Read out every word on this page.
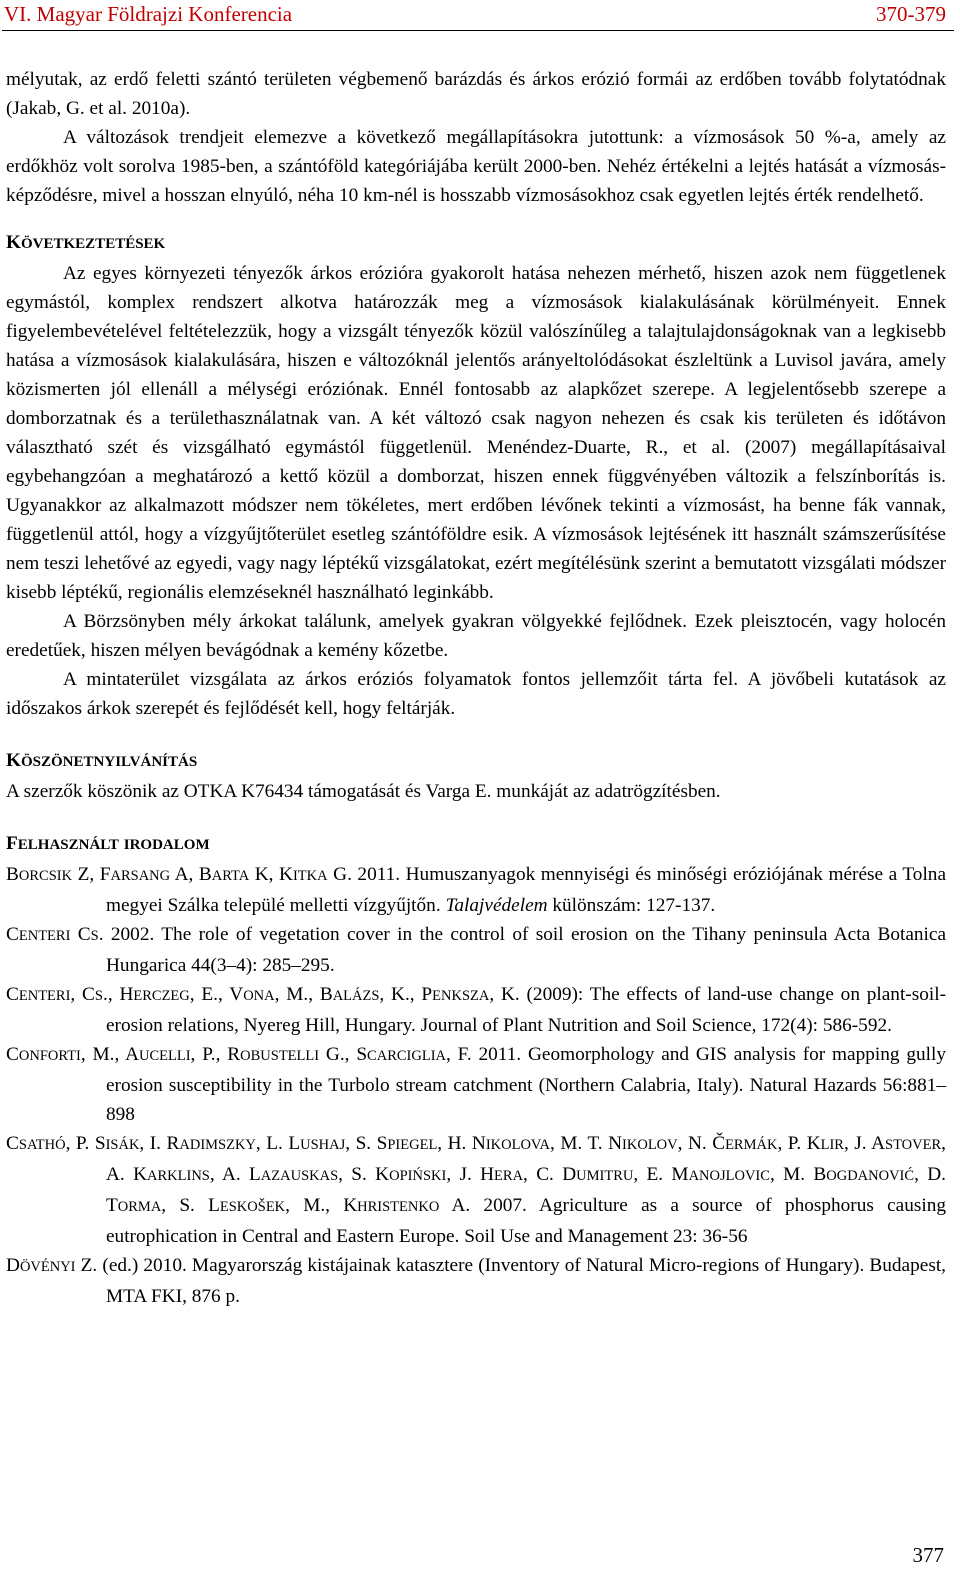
VI. Magyar Földrajzi Konferencia	370-379

mélyutak, az erdő feletti szántó területen végbemenő barázdás és árkos erózió formái az erdőben tovább folytatódnak (Jakab, G. et al. 2010a).

A változások trendjeit elemezve a következő megállapításokra jutottunk: a vízmosások 50 %-a, amely az erdőkhöz volt sorolva 1985-ben, a szántóföld kategóriájába került 2000-ben. Nehéz értékelni a lejtés hatását a vízmosás-képződésre, mivel a hosszan elnyúló, néha 10 km-nél is hosszabb vízmosásokhoz csak egyetlen lejtés érték rendelhető.

KÖVETKEZTETÉSEK

Az egyes környezeti tényezők árkos erózióra gyakorolt hatása nehezen mérhető, hiszen azok nem függetlenek egymástól, komplex rendszert alkotva határozzák meg a vízmosások kialakulásának körülményeit. Ennek figyelembevételével feltételezzük, hogy a vizsgált tényezők közül valószínűleg a talajtulajdonságoknak van a legkisebb hatása a vízmosások kialakulására, hiszen e változóknál jelentős arányeltolódásokat észleltünk a Luvisol javára, amely közismerten jól ellenáll a mélységi eróziónak. Ennél fontosabb az alapkőzet szerepe. A legjelentősebb szerepe a domborzatnak és a területhasználatnak van. A két változó csak nagyon nehezen és csak kis területen és időtávon választható szét és vizsgálható egymástól függetlenül. Menéndez-Duarte, R., et al. (2007) megállapításaival egybehangzóan a meghatározó a kettő közül a domborzat, hiszen ennek függvényében változik a felszínborítás is. Ugyanakkor az alkalmazott módszer nem tökéletes, mert erdőben lévőnek tekinti a vízmosást, ha benne fák vannak, függetlenül attól, hogy a vízgyűjtőterület esetleg szántóföldre esik. A vízmosások lejtésének itt használt számszerűsítése nem teszi lehetővé az egyedi, vagy nagy léptékű vizsgálatokat, ezért megítélésünk szerint a bemutatott vizsgálati módszer kisebb léptékű, regionális elemzéseknél használható leginkább.

A Börzsönyben mély árkokat találunk, amelyek gyakran völgyekké fejlődnek. Ezek pleisztocén, vagy holocén eredetűek, hiszen mélyen bevágódnak a kemény kőzetbe.

A mintaterület vizsgálata az árkos eróziós folyamatok fontos jellemzőit tárta fel. A jövőbeli kutatások az időszakos árkok szerepét és fejlődését kell, hogy feltárják.

KÖSZÖNETNYILVÁNÍTÁS

A szerzők köszönik az OTKA K76434 támogatását és Varga E. munkáját az adatrögzítésben.

FELHASZNÁLT IRODALOM

BORCSIK Z, FARSANG A, BARTA K, KITKA G. 2011. Humuszanyagok mennyiségi és minőségi eróziójának mérése a Tolna megyei Szálka települé melletti vízgyűjtőn. Talajvédelem különszám: 127-137.

CENTERI CS. 2002. The role of vegetation cover in the control of soil erosion on the Tihany peninsula Acta Botanica Hungarica 44(3–4): 285–295.

CENTERI, CS., HERCZEG, E., VONA, M., BALÁZS, K., PENKSZA, K. (2009): The effects of land-use change on plant-soil-erosion relations, Nyereg Hill, Hungary. Journal of Plant Nutrition and Soil Science, 172(4): 586-592.

CONFORTI, M., AUCELLI, P., ROBUSTELLI G., SCARCIGLIA, F. 2011. Geomorphology and GIS analysis for mapping gully erosion susceptibility in the Turbolo stream catchment (Northern Calabria, Italy). Natural Hazards 56:881–898

CSATHÓ, P. SISÁK, I. RADIMSZKY, L. LUSHAJ, S. SPIEGEL, H. NIKOLOVA, M. T. NIKOLOV, N. ČERMÁK, P. KLIR, J. ASTOVER, A. KARKLINS, A. LAZAUSKAS, S. KOPIŃSKI, J. HERA, C. DUMITRU, E. MANOJLOVIC, M. BOGDANOVIĆ, D. TORMA, S. LESKOŠEK, M., KHRISTENKO A. 2007. Agriculture as a source of phosphorus causing eutrophication in Central and Eastern Europe. Soil Use and Management 23: 36-56

DÖVÉNYI Z. (ed.) 2010. Magyarország kistájainak katasztere (Inventory of Natural Micro-regions of Hungary). Budapest, MTA FKI, 876 p.

377
